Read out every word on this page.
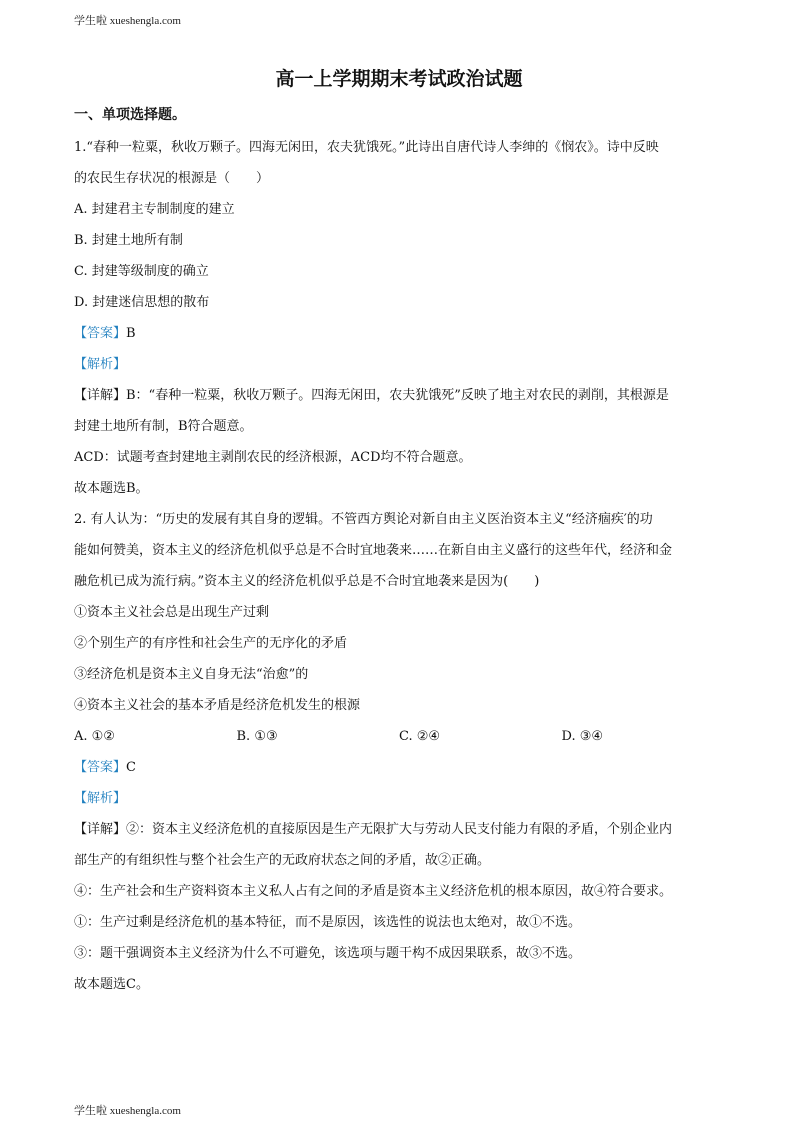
学生啦 xueshengla.com
高一上学期期末考试政治试题
一、单项选择题。
1.“春种一粒粟，秋收万颗子。四海无闲田，农夫犹饿死。”此诗出自唐代诗人李绅的《悯农》。诗中反映
的农民生存状况的根源是（　　）
A. 封建君主专制制度的建立
B. 封建土地所有制
C. 封建等级制度的确立
D. 封建迷信思想的散布
【答案】B
【解析】
【详解】B：“春种一粒粟，秋收万颗子。四海无闲田，农夫犹饿死”反映了地主对农民的剥削，其根源是
封建土地所有制，B符合题意。
ACD：试题考查封建地主剥削农民的经济根源，ACD均不符合题意。
故本题选B。
2. 有人认为：“历史的发展有其自身的逻辑。不管西方舆论对新自由主义医治资本主义“经济痼疾′的功
能如何赞美，资本主义的经济危机似乎总是不合时宜地袭来……在新自由主义盛行的这些年代，经济和金
融危机已成为流行病。”资本主义的经济危机似乎总是不合时宜地袭来是因为(　　)
①资本主义社会总是出现生产过剩
②个别生产的有序性和社会生产的无序化的矛盾
③经济危机是资本主义自身无法“治愈”的
④资本主义社会的基本矛盾是经济危机发生的根源
A. ①②	B. ①③	C. ②④	D. ③④
【答案】C
【解析】
【详解】②：资本主义经济危机的直接原因是生产无限扩大与劳动人民支付能力有限的矛盾，个别企业内
部生产的有组织性与整个社会生产的无政府状态之间的矛盾，故②正确。
④：生产社会和生产资料资本主义私人占有之间的矛盾是资本主义经济危机的根本原因，故④符合要求。
①：生产过剩是经济危机的基本特征，而不是原因，该选性的说法也太绝对，故①不选。
③：题干强调资本主义经济为什么不可避免，该选项与题干构不成因果联系，故③不选。
故本题选C。
学生啦 xueshengla.com
